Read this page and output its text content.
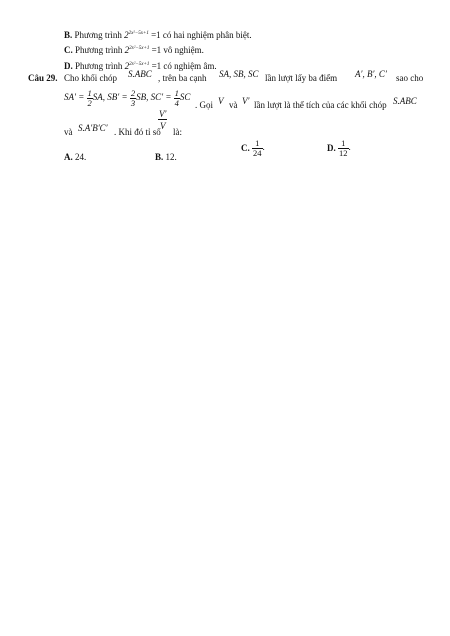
B. Phương trình $2^{2x^2-5x+1} =1$ có hai nghiệm phân biệt.
C. Phương trình $2^{2x^2-5x+1} =1$ vô nghiệm.
D. Phương trình $2^{2x^2-5x+1} =1$ có nghiệm âm.
Câu 29. Cho khối chóp S.ABC , trên ba cạnh SA, SB, SC lần lượt lấy ba điểm A′, B′, C′ sao cho
$SA' = \frac{1}{2}$ SA, $SB' = \frac{2}{3}$ SB, $SC' = \frac{1}{4}$ SC
. Gọi V và V′ lần lượt là thể tích của các khối chóp S.ABC
và S.A′B′C′ . Khi đó tỉ số
$\frac{V'}{V}$
là:
A. 24.	B. 12.
C. $\frac{1}{24}$ .	D. $\frac{1}{12}$ .
